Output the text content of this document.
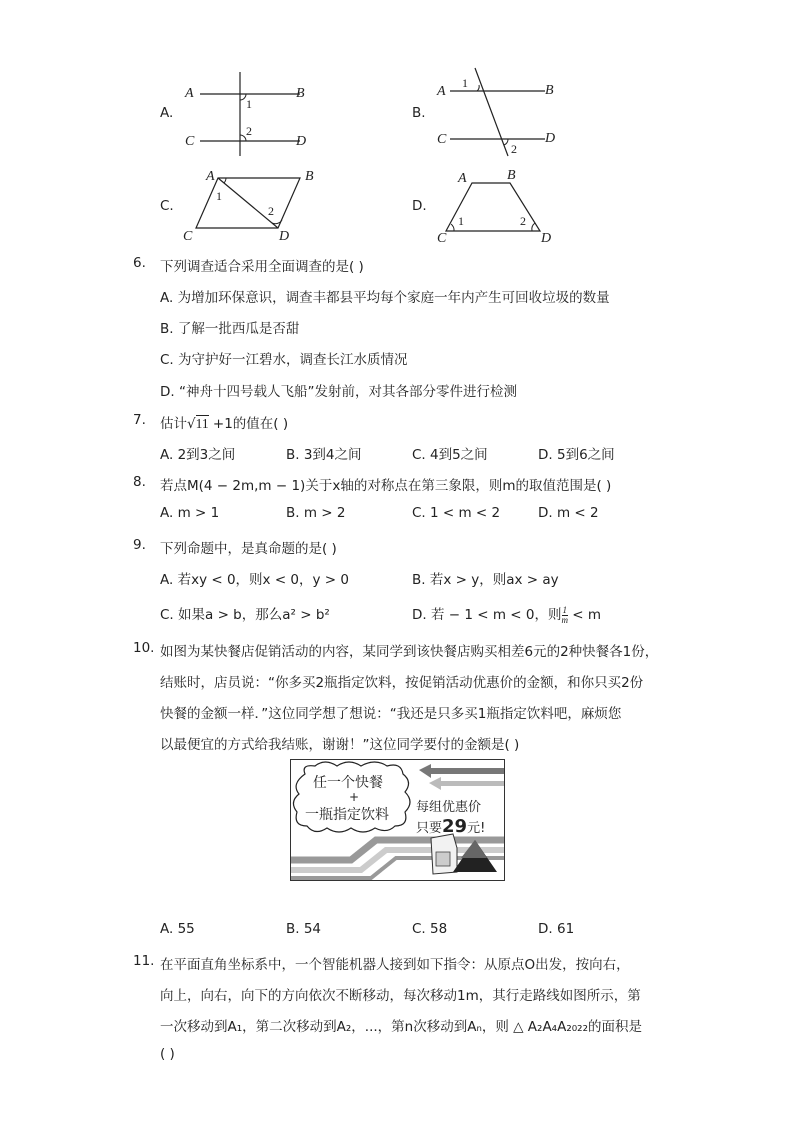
A.
A	B
C	D
1
2
B.
A	B
C	D
1
2
C.
A	B
C	D
1
2	D.
A	B
C	D
1	2
6. 下列调查适合采用全面调查的是( )
A. 为增加环保意识，调查丰都县平均每个家庭一年内产生可回收垃圾的数量
B. 了解一批西瓜是否甜
C. 为守护好一江碧水，调查长江水质情况
D. “神舟十四号载人飞船”发射前，对其各部分零件进行检测
7. 估计√11 +1的值在( )
A. 2到3之间	B. 3到4之间	C. 4到5之间	D. 5到6之间
8. 若点M(4 − 2m,m − 1)关于x轴的对称点在第三象限，则m的取值范围是( )
A. m > 1	B. m > 2	C. 1 < m < 2	D. m < 2
9. 下列命题中，是真命题的是( )
A. 若xy < 0，则x < 0，y > 0	B. 若x > y，则ax > ay
C. 如果a > b，那么a² > b²	D. 若 − 1 < m < 0，则 $\frac{1}{m} < m$
10. 如图为某快餐店促销活动的内容，某同学到该快餐店购买相差6元的2种快餐各1份，
结账时，店员说：“你多买2瓶指定饮料，按促销活动优惠价的金额，和你只买2份
快餐的金额一样．”这位同学想了想说：“我还是只多买1瓶指定饮料吧，麻烦您
以最便宜的方式给我结账，谢谢！”这位同学要付的金额是( )
任一个快餐
+
一瓶指定饮料 每组优惠价
只要29元!
A. 55	B. 54	C. 58	D. 61
11. 在平面直角坐标系中，一个智能机器人接到如下指令：从原点O出发，按向右，
向上，向右，向下的方向依次不断移动，每次移动1m，其行走路线如图所示，第
一次移动到A₁，第二次移动到A₂，...，第n次移动到Aₙ，则 △ A₂A₄A₂₀₂₂的面积是
( )
